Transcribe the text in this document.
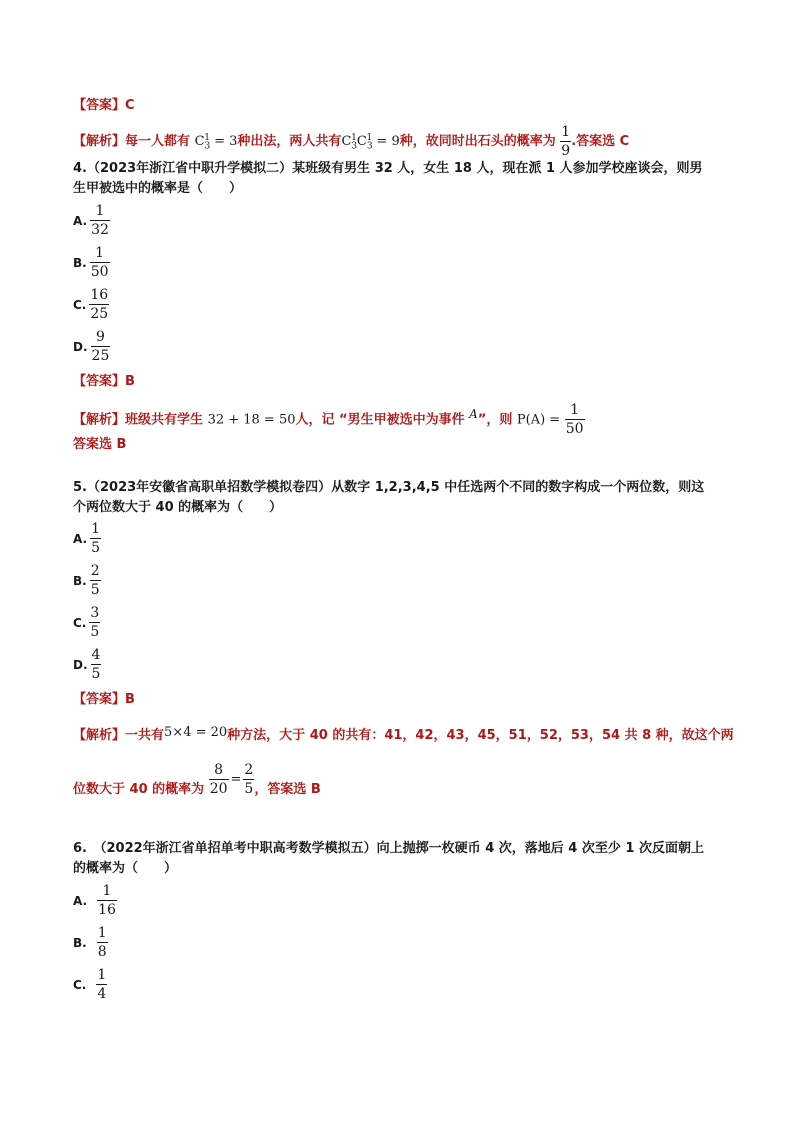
【答案】C
【解析】每一人都有 $C_3^1 = 3$种出法，两人共有$C_3^1C_3^1 = 9$种，故同时出石头的概率为 $\frac{1}{9}$ .答案选 C
4.（2023年浙江省中职升学模拟二）某班级有男生 32 人，女生 18 人，现在派 1 人参加学校座谈会，则男
生甲被选中的概率是（　　）
A. $\frac{1}{32}$
B. $\frac{1}{50}$
C. $\frac{16}{25}$
D. $\frac{9}{25}$
【答案】B
【解析】班级共有学生 32 + 18 = 50人，记 “男生甲被选中为事件 A”，则 $P(A) = \frac{1}{50}$
答案选 B
5.（2023年安徽省高职单招数学模拟卷四）从数字 1,2,3,4,5 中任选两个不同的数字构成一个两位数，则这
个两位数大于 40 的概率为（　　）
A. $\frac{1}{5}$
B. $\frac{2}{5}$
C. $\frac{3}{5}$
D. $\frac{4}{5}$
【答案】B
【解析】一共有5×4 = 20种方法，大于 40 的共有：41，42，43，45，51，52，53，54 共 8 种，故这个两
位数大于 40 的概率为 $\frac{8}{20} = \frac{2}{5}$ ，答案选 B
6.　（2022年浙江省单招单考中职高考数学模拟五）向上抛掷一枚硬币 4 次，落地后 4 次至少 1 次反面朝上
的概率为（　　）
A. $\frac{1}{16}$
B. $\frac{1}{8}$
C. $\frac{1}{4}$
